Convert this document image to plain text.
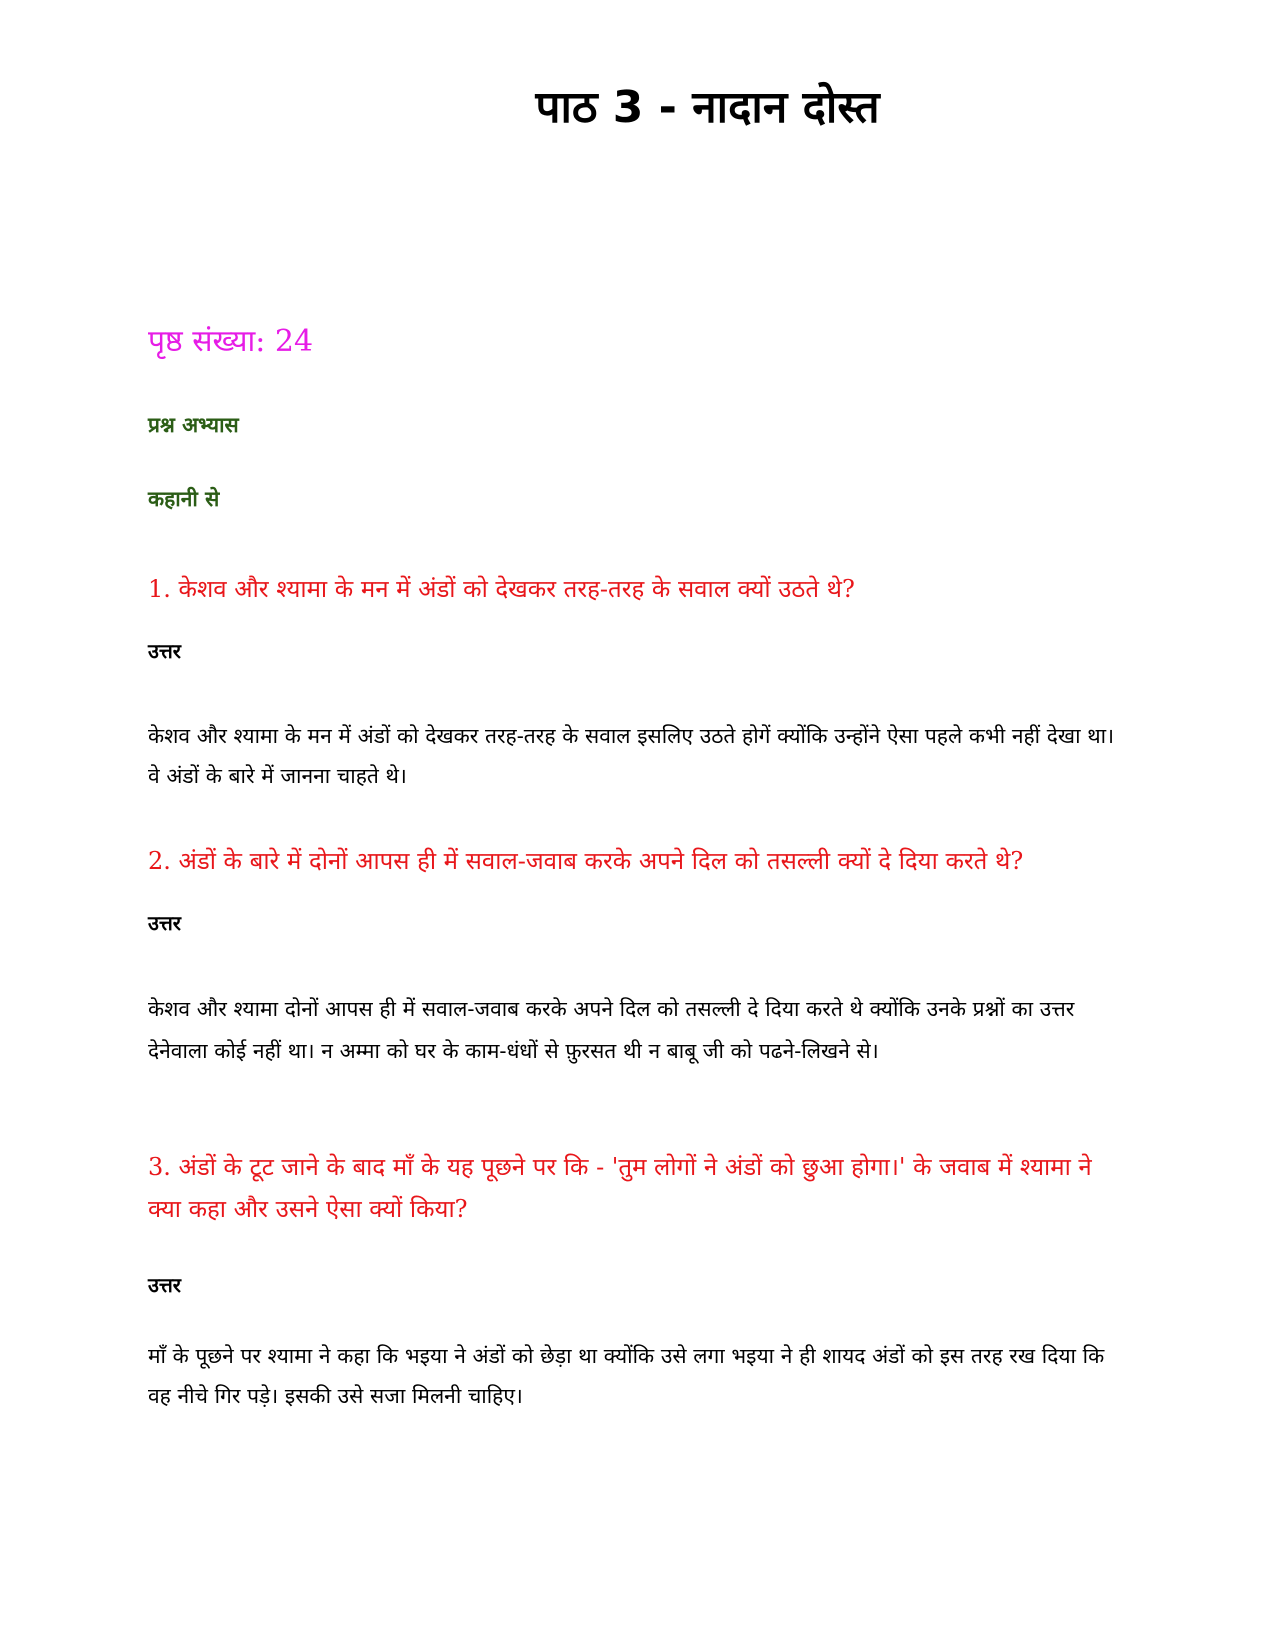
पाठ 3 - नादान दोस्त

पृष्ठ संख्या: 24

प्रश्न अभ्यास

कहानी से

1. केशव और श्यामा के मन में अंडों को देखकर तरह-तरह के सवाल क्यों उठते थे?

उत्तर

केशव और श्यामा के मन में अंडों को देखकर तरह-तरह के सवाल इसलिए उठते होगें क्योंकि उन्होंने ऐसा पहले कभी नहीं देखा था। वे अंडों के बारे में जानना चाहते थे।

2. अंडों के बारे में दोनों आपस ही में सवाल-जवाब करके अपने दिल को तसल्ली क्यों दे दिया करते थे?

उत्तर

केशव और श्यामा दोनों आपस ही में सवाल-जवाब करके अपने दिल को तसल्ली दे दिया करते थे क्योंकि उनके प्रश्नों का उत्तर देनेवाला कोई नहीं था। न अम्मा को घर के काम-धंधों से फ़ुरसत थी न बाबू जी को पढने-लिखने से।

3. अंडों के टूट जाने के बाद माँ के यह पूछने पर कि - 'तुम लोगों ने अंडों को छुआ होगा।' के जवाब में श्यामा ने क्या कहा और उसने ऐसा क्यों किया?

उत्तर

माँ के पूछने पर श्यामा ने कहा कि भइया ने अंडों को छेड़ा था क्योंकि उसे लगा भइया ने ही शायद अंडों को इस तरह रख दिया कि वह नीचे गिर पड़े। इसकी उसे सजा मिलनी चाहिए।
